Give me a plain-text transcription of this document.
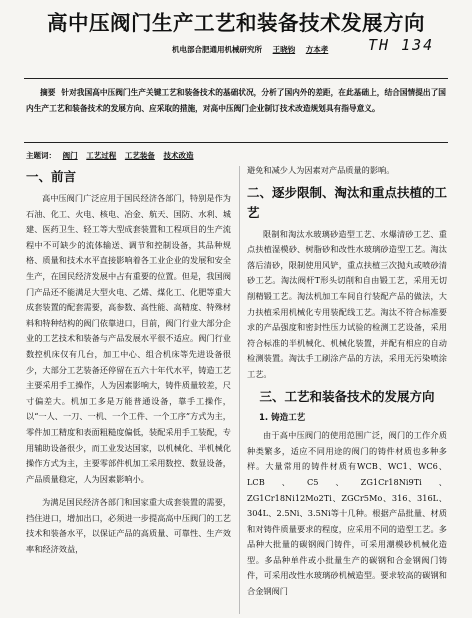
高中压阀门生产工艺和装备技术发展方向
机电部合肥通用机械研究所 王晓钧 方本孝	TH 134

摘要 针对我国高中压阀门生产关键工艺和装备技术的基础状况，分析了国内外的差距，在此基础上，结合国情提出了国内生产工艺和装备技术的发展方向、应采取的措施，对高中压阀门企业制订技术改造规划具有指导意义。

主题词： 阀门 工艺过程 工艺装备 技术改造
一、前言

高中压阀门广泛应用于国民经济各部门，特别是作为石油、化工、火电、核电、冶金、航天、国防、水利、城建、医药卫生、轻工等大型成套装置和工程项目的生产流程中不可缺少的流体输送、调节和控制设备，其品种规格、质量和技术水平直接影响着各工业企业的发展和安全生产，在国民经济发展中占有重要的位置。但是，我国阀门产品还不能满足大型火电、乙烯、煤化工、化肥等重大成套装置的配套需要，高参数、高性能、高精度、特殊材料和特种结构的阀门依靠进口，目前，阀门行业大部分企业的工艺技术和装备与产品发展水平很不适应。阀门行业数控机床仅有几台，加工中心、组合机床等先进设备很少，大部分工艺装备还停留在五六十年代水平，铸造工艺主要采用手工操作，人为因素影响大，铸件质量较差，尺寸偏差大。机加工多是万能普通设备，靠手工操作，以“一人、一刀、一机、一个工件、一个工序”方式为主，零件加工精度和表面粗糙度偏低，装配采用手工装配，专用辅助设备很少，而工业发达国家，以机械化、半机械化操作方式为主，主要零部件机加工采用数控、数显设备，产品质量稳定，人为因素影响小。

为满足国民经济各部门和国家重大成套装置的需要，挡住进口，增加出口，必须进一步提高高中压阀门的工艺技术和装备水平，以保证产品的高质量、可靠性、生产效率和经济效益，

避免和减少人为因素对产品质量的影响。

二、逐步限制、淘汰和重点扶植的工艺

限制和淘汰水玻璃砂造型工艺、水爆清砂工艺、重点扶植湿模砂、树脂砂和改性水玻璃砂造型工艺。淘汰落后清砂，限制使用风铲，重点扶植三次抛丸或喷砂清砂工艺。淘汰阀杆T形头切削和自由锻工艺，采用无切削精锻工艺。淘汰机加工车间自行装配产品的做法，大力扶植采用机械化专用装配线工艺。淘汰不符合标准要求的产品强度和密封性压力试验的检测工艺设备，采用符合标准的半机械化、机械化装置，并配有相应的自动检测装置。淘汰手工刷涂产品的方法，采用无污染喷涂工艺。

三、工艺和装备技术的发展方向
1. 铸造工艺

由于高中压阀门的使用范围广泛，阀门的工作介质种类繁多，适应不同用途的阀门的铸件材质也多种多样。大量常用的铸件材质有WCB、WC1、WC6、LCB、C5、ZG1Cr18Ni9Ti、ZG1Cr18Ni12Mo2Ti、ZGCr5Mo、316、316L、304L、2.5Ni、3.5Ni等十几种。根据产品批量、材质和对铸件质量要求的程度，应采用不同的造型工艺。多品种大批量的碳钢阀门铸件，可采用潮模砂机械化造型。多品种单件或小批量生产的碳钢和合金钢阀门铸件，可采用改性水玻璃砂机械造型。要求较高的碳钢和合金钢阀门
